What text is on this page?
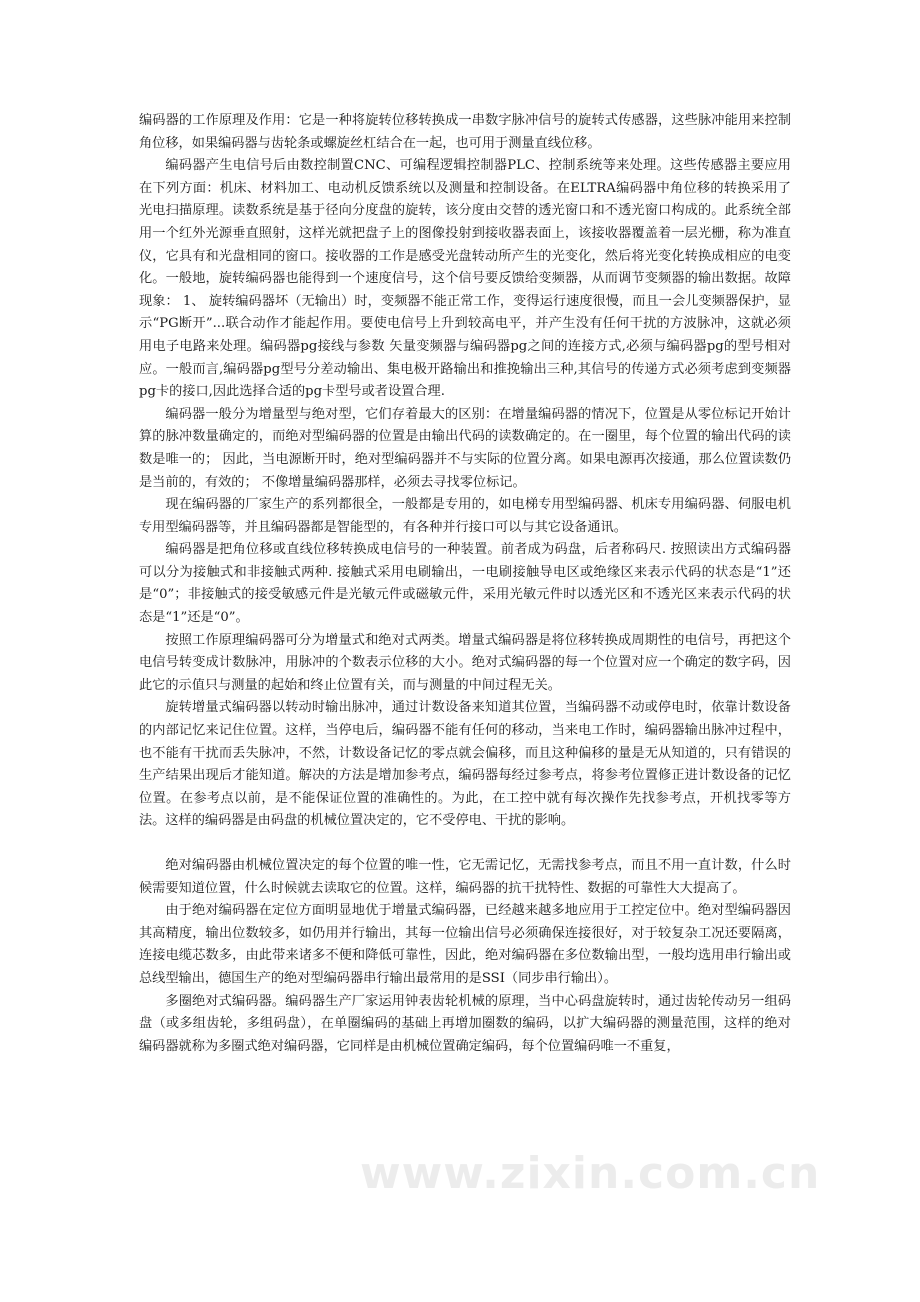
编码器的工作原理及作用：它是一种将旋转位移转换成一串数字脉冲信号的旋转式传感器，这些脉冲能用来控制角位移，如果编码器与齿轮条或螺旋丝杠结合在一起，也可用于测量直线位移。

编码器产生电信号后由数控制置CNC、可编程逻辑控制器PLC、控制系统等来处理。这些传感器主要应用在下列方面：机床、材料加工、电动机反馈系统以及测量和控制设备。在ELTRA编码器中角位移的转换采用了光电扫描原理。读数系统是基于径向分度盘的旋转，该分度由交替的透光窗口和不透光窗口构成的。此系统全部用一个红外光源垂直照射，这样光就把盘子上的图像投射到接收器表面上，该接收器覆盖着一层光栅，称为准直仪，它具有和光盘相同的窗口。接收器的工作是感受光盘转动所产生的光变化，然后将光变化转换成相应的电变化。一般地，旋转编码器也能得到一个速度信号，这个信号要反馈给变频器，从而调节变频器的输出数据。故障现象： 1、 旋转编码器坏（无输出）时，变频器不能正常工作，变得运行速度很慢，而且一会儿变频器保护，显示“PG断开”...联合动作才能起作用。要使电信号上升到较高电平，并产生没有任何干扰的方波脉冲，这就必须用电子电路来处理。编码器pg接线与参数 矢量变频器与编码器pg之间的连接方式,必须与编码器pg的型号相对应。一般而言,编码器pg型号分差动输出、集电极开路输出和推挽输出三种,其信号的传递方式必须考虑到变频器pg卡的接口,因此选择合适的pg卡型号或者设置合理.

编码器一般分为增量型与绝对型，它们存着最大的区别：在增量编码器的情况下，位置是从零位标记开始计算的脉冲数量确定的，而绝对型编码器的位置是由输出代码的读数确定的。在一圈里，每个位置的输出代码的读数是唯一的； 因此，当电源断开时，绝对型编码器并不与实际的位置分离。如果电源再次接通，那么位置读数仍是当前的，有效的； 不像增量编码器那样，必须去寻找零位标记。

现在编码器的厂家生产的系列都很全，一般都是专用的，如电梯专用型编码器、机床专用编码器、伺服电机专用型编码器等，并且编码器都是智能型的，有各种并行接口可以与其它设备通讯。

编码器是把角位移或直线位移转换成电信号的一种装置。前者成为码盘，后者称码尺. 按照读出方式编码器可以分为接触式和非接触式两种. 接触式采用电刷输出，一电刷接触导电区或绝缘区来表示代码的状态是“1”还是“0”；非接触式的接受敏感元件是光敏元件或磁敏元件，采用光敏元件时以透光区和不透光区来表示代码的状态是“1”还是“0”。

按照工作原理编码器可分为增量式和绝对式两类。增量式编码器是将位移转换成周期性的电信号，再把这个电信号转变成计数脉冲，用脉冲的个数表示位移的大小。绝对式编码器的每一个位置对应一个确定的数字码，因此它的示值只与测量的起始和终止位置有关，而与测量的中间过程无关。

旋转增量式编码器以转动时输出脉冲，通过计数设备来知道其位置，当编码器不动或停电时，依靠计数设备的内部记忆来记住位置。这样，当停电后，编码器不能有任何的移动，当来电工作时，编码器输出脉冲过程中，也不能有干扰而丢失脉冲，不然，计数设备记忆的零点就会偏移，而且这种偏移的量是无从知道的，只有错误的生产结果出现后才能知道。解决的方法是增加参考点，编码器每经过参考点，将参考位置修正进计数设备的记忆位置。在参考点以前，是不能保证位置的准确性的。为此，在工控中就有每次操作先找参考点，开机找零等方法。这样的编码器是由码盘的机械位置决定的，它不受停电、干扰的影响。

绝对编码器由机械位置决定的每个位置的唯一性，它无需记忆，无需找参考点，而且不用一直计数，什么时候需要知道位置，什么时候就去读取它的位置。这样，编码器的抗干扰特性、数据的可靠性大大提高了。

由于绝对编码器在定位方面明显地优于增量式编码器，已经越来越多地应用于工控定位中。绝对型编码器因其高精度，输出位数较多，如仍用并行输出，其每一位输出信号必须确保连接很好，对于较复杂工况还要隔离，连接电缆芯数多，由此带来诸多不便和降低可靠性，因此，绝对编码器在多位数输出型，一般均选用串行输出或总线型输出，德国生产的绝对型编码器串行输出最常用的是SSI（同步串行输出）。

多圈绝对式编码器。编码器生产厂家运用钟表齿轮机械的原理，当中心码盘旋转时，通过齿轮传动另一组码盘（或多组齿轮，多组码盘），在单圈编码的基础上再增加圈数的编码，以扩大编码器的测量范围，这样的绝对编码器就称为多圈式绝对编码器，它同样是由机械位置确定编码，每个位置编码唯一不重复，

www.zixin.com.cn
